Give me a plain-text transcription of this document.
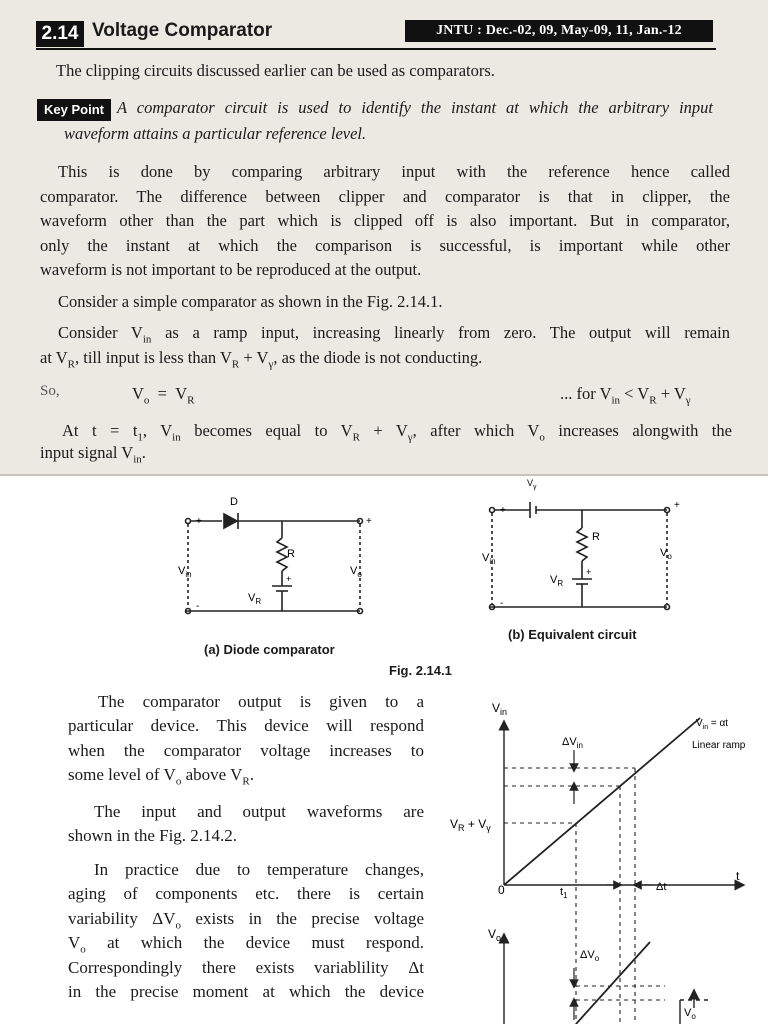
2.14 Voltage Comparator	JNTU : Dec.-02, 09, May-09, 11, Jan.-12
The clipping circuits discussed earlier can be used as comparators.
Key Point A comparator circuit is used to identify the instant at which the arbitrary input
waveform attains a particular reference level.
This is done by comparing arbitrary input with the reference hence called
comparator. The difference between clipper and comparator is that in clipper, the
waveform other than the part which is clipped off is also important. But in comparator,
only the instant at which the comparison is successful, is important while other
waveform is not important to be reproduced at the output.
Consider a simple comparator as shown in the Fig. 2.14.1.
Consider $V_{in}$ as a ramp input, increasing linearly from zero. The output will remain
at $V_R$, till input is less than $V_R + V_\gamma$, as the diode is not conducting.
So,	$V_o = V_R$	... for $V_{in} < V_R + V_\gamma$
At $t = t_1$, $V_{in}$ becomes equal to $V_R + V_\gamma$, after which $V_o$ increases alongwith the
input signal $V_{in}$.
D
R
+
-
+
+
$V_{in}$	$V_o$
$V_R$
$V_\gamma$
R
+
-
+
+
$V_{in}$
$V_o$
$V_R$
(a) Diode comparator
(b) Equivalent circuit
Fig. 2.14.1
The comparator output is given to a
particular device. This device will respond
when the comparator voltage increases to
some level of $V_o$ above $V_R$.
The input and output waveforms are
shown in the Fig. 2.14.2.
In practice due to temperature changes,
aging of components etc. there is certain
variability $\Delta V_o$ exists in the precise voltage
$V_o$ at which the device must respond.
Correspondingly there exists variablility Δt
in the precise moment at which the device
$V_{in}$
$V_R + V_\gamma$
0
t
$t_1$
$\Delta V_{in}$
Δt
$V_{in} = \alpha t$
Linear ramp
$V_o$
$\Delta V_o$
$V_o$
